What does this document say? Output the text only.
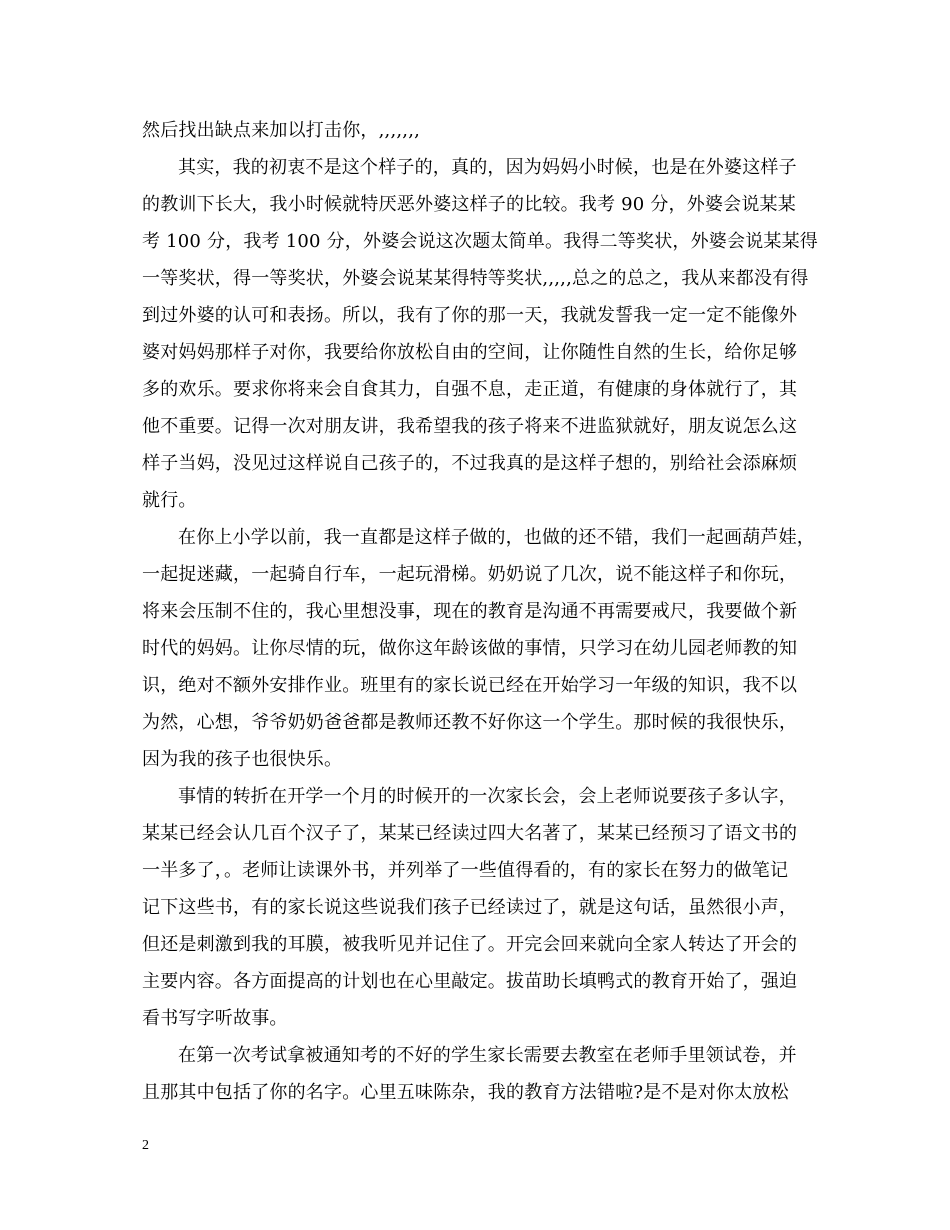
然后找出缺点来加以打击你，,,,,,,,
其实，我的初衷不是这个样子的，真的，因为妈妈小时候，也是在外婆这样子
的教训下长大，我小时候就特厌恶外婆这样子的比较。我考 90 分，外婆会说某某
考 100 分，我考 100 分，外婆会说这次题太简单。我得二等奖状，外婆会说某某得
一等奖状，得一等奖状，外婆会说某某得特等奖状,,,,,总之的总之，我从来都没有得
到过外婆的认可和表扬。所以，我有了你的那一天，我就发誓我一定一定不能像外
婆对妈妈那样子对你，我要给你放松自由的空间，让你随性自然的生长，给你足够
多的欢乐。要求你将来会自食其力，自强不息，走正道，有健康的身体就行了，其
他不重要。记得一次对朋友讲，我希望我的孩子将来不进监狱就好，朋友说怎么这
样子当妈，没见过这样说自己孩子的，不过我真的是这样子想的，别给社会添麻烦
就行。
在你上小学以前，我一直都是这样子做的，也做的还不错，我们一起画葫芦娃，
一起捉迷藏，一起骑自行车，一起玩滑梯。奶奶说了几次，说不能这样子和你玩，
将来会压制不住的，我心里想没事，现在的教育是沟通不再需要戒尺，我要做个新
时代的妈妈。让你尽情的玩，做你这年龄该做的事情，只学习在幼儿园老师教的知
识，绝对不额外安排作业。班里有的家长说已经在开始学习一年级的知识，我不以
为然，心想，爷爷奶奶爸爸都是教师还教不好你这一个学生。那时候的我很快乐，
因为我的孩子也很快乐。
事情的转折在开学一个月的时候开的一次家长会，会上老师说要孩子多认字，
某某已经会认几百个汉子了，某某已经读过四大名著了，某某已经预习了语文书的
一半多了，。老师让读课外书，并列举了一些值得看的，有的家长在努力的做笔记
记下这些书，有的家长说这些说我们孩子已经读过了，就是这句话，虽然很小声，
但还是刺激到我的耳膜，被我听见并记住了。开完会回来就向全家人转达了开会的
主要内容。各方面提高的计划也在心里敲定。拔苗助长填鸭式的教育开始了，强迫
看书写字听故事。
在第一次考试拿被通知考的不好的学生家长需要去教室在老师手里领试卷，并
且那其中包括了你的名字。心里五味陈杂，我的教育方法错啦?是不是对你太放松
2
